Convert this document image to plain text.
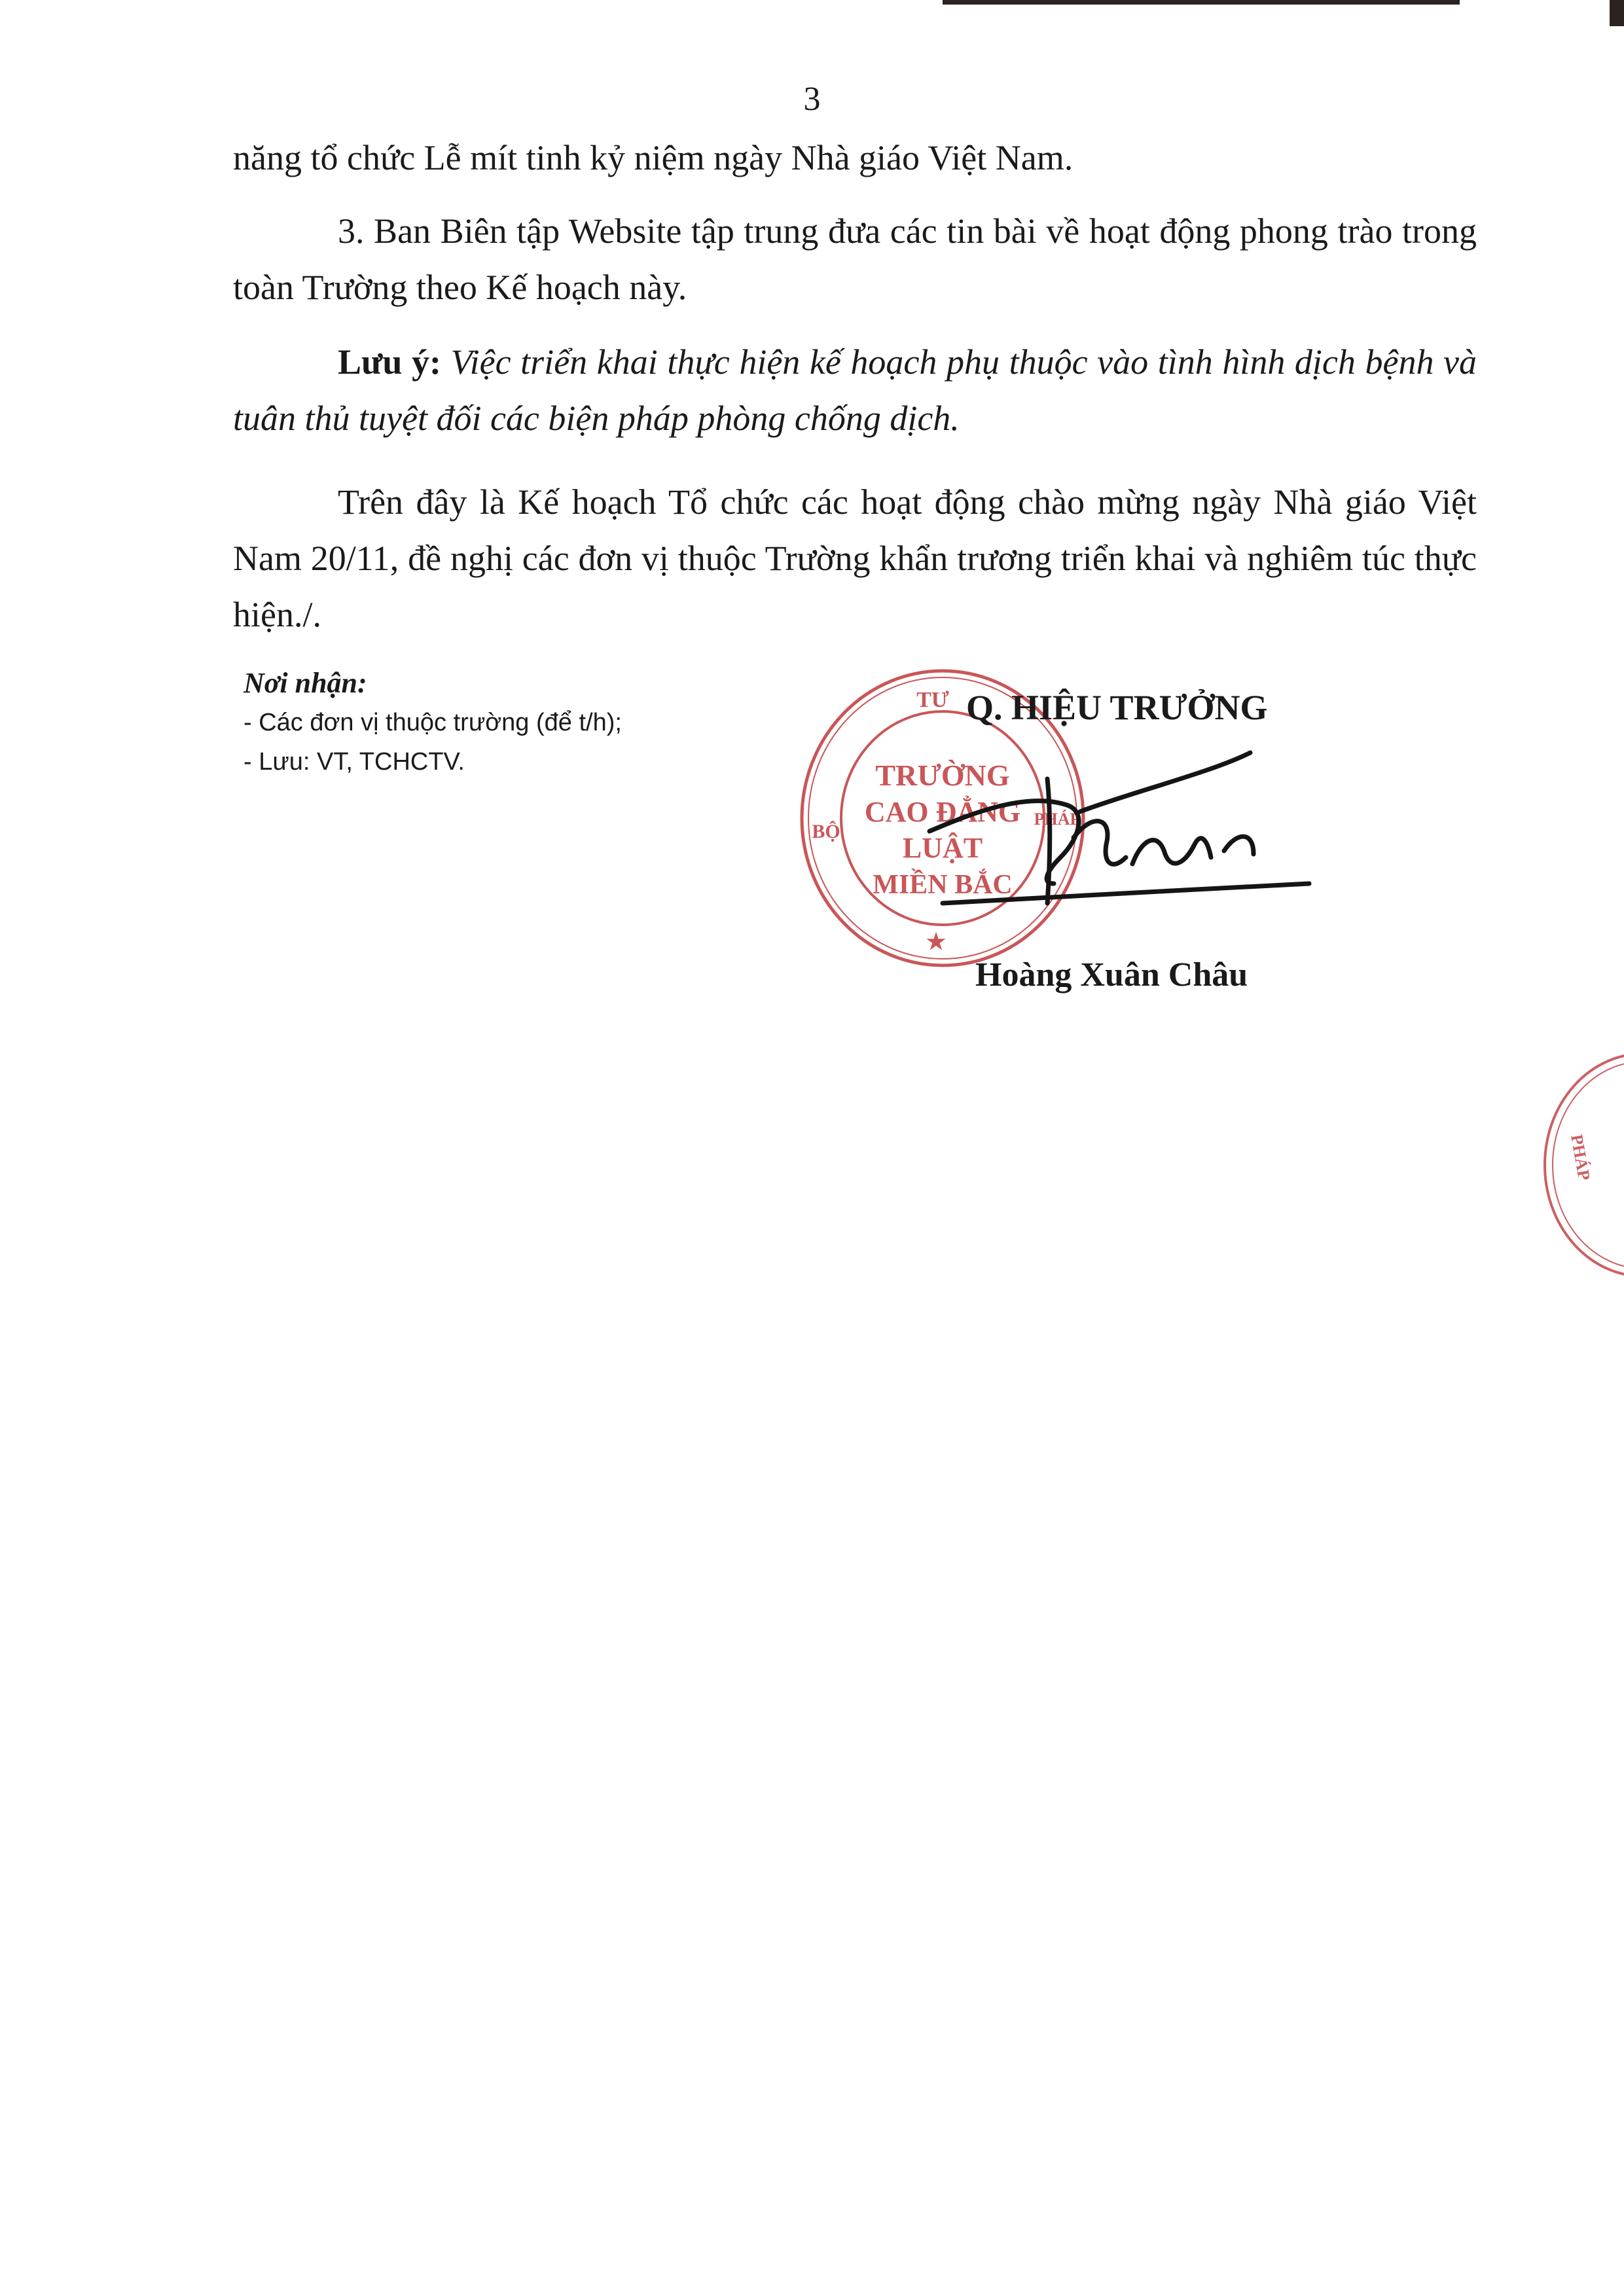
3

năng tổ chức Lễ mít tinh kỷ niệm ngày Nhà giáo Việt Nam.

3. Ban Biên tập Website tập trung đưa các tin bài về hoạt động phong trào trong toàn Trường theo Kế hoạch này.

Lưu ý: Việc triển khai thực hiện kế hoạch phụ thuộc vào tình hình dịch bệnh và tuân thủ tuyệt đối các biện pháp phòng chống dịch.

Trên đây là Kế hoạch Tổ chức các hoạt động chào mừng ngày Nhà giáo Việt Nam 20/11, đề nghị các đơn vị thuộc Trường khẩn trương triển khai và nghiêm túc thực hiện./.

Nơi nhận:
- Các đơn vị thuộc trường (để t/h);
- Lưu: VT, TCHCTV.
TƯ
BỘ
PHÁP
TRƯỜNG
CAO ĐẲNG
LUẬT
MIỀN BẮC
★
Q. HIỆU TRƯỞNG
Hoàng Xuân Châu
PHÁP
